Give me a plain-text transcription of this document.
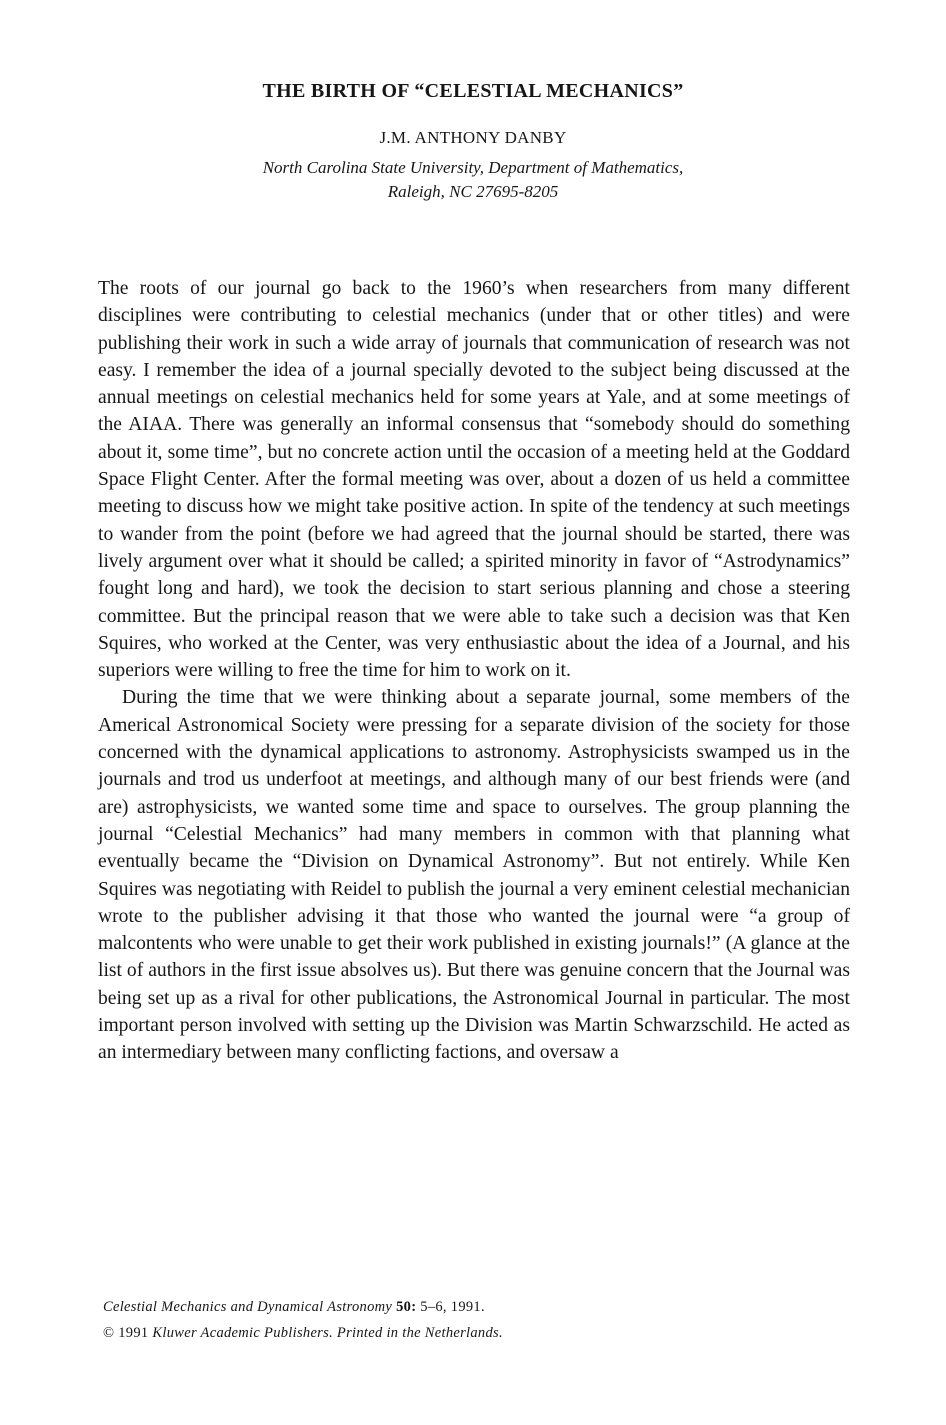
THE BIRTH OF “CELESTIAL MECHANICS”
J.M. ANTHONY DANBY
North Carolina State University, Department of Mathematics,
Raleigh, NC 27695-8205

The roots of our journal go back to the 1960’s when researchers from many different disciplines were contributing to celestial mechanics (under that or other titles) and were publishing their work in such a wide array of journals that communication of research was not easy. I remember the idea of a journal specially devoted to the subject being discussed at the annual meetings on celestial mechanics held for some years at Yale, and at some meetings of the AIAA. There was generally an informal consensus that “somebody should do something about it, some time”, but no concrete action until the occasion of a meeting held at the Goddard Space Flight Center. After the formal meeting was over, about a dozen of us held a committee meeting to discuss how we might take positive action. In spite of the tendency at such meetings to wander from the point (before we had agreed that the journal should be started, there was lively argument over what it should be called; a spirited minority in favor of “Astrodynamics” fought long and hard), we took the decision to start serious planning and chose a steering committee. But the principal reason that we were able to take such a decision was that Ken Squires, who worked at the Center, was very enthusiastic about the idea of a Journal, and his superiors were willing to free the time for him to work on it.

During the time that we were thinking about a separate journal, some members of the Americal Astronomical Society were pressing for a separate division of the society for those concerned with the dynamical applications to astronomy. Astrophysicists swamped us in the journals and trod us underfoot at meetings, and although many of our best friends were (and are) astrophysicists, we wanted some time and space to ourselves. The group planning the journal “Celestial Mechanics” had many members in common with that planning what eventually became the “Division on Dynamical Astronomy”. But not entirely. While Ken Squires was negotiating with Reidel to publish the journal a very eminent celestial mechanician wrote to the publisher advising it that those who wanted the journal were “a group of malcontents who were unable to get their work published in existing journals!” (A glance at the list of authors in the first issue absolves us). But there was genuine concern that the Journal was being set up as a rival for other publications, the Astronomical Journal in particular. The most important person involved with setting up the Division was Martin Schwarzschild. He acted as an intermediary between many conflicting factions, and oversaw a

Celestial Mechanics and Dynamical Astronomy 50: 5–6, 1991.
© 1991 Kluwer Academic Publishers. Printed in the Netherlands.
